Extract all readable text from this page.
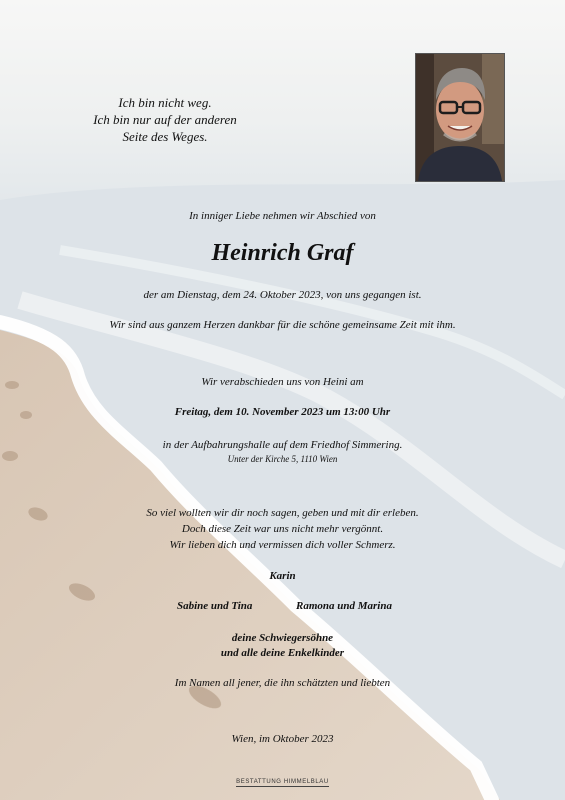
Ich bin nicht weg.
Ich bin nur auf der anderen
Seite des Weges.
In inniger Liebe nehmen wir Abschied von
Heinrich Graf
der am Dienstag, dem 24. Oktober 2023, von uns gegangen ist.
Wir sind aus ganzem Herzen dankbar für die schöne gemeinsame Zeit mit ihm.
Wir verabschieden uns von Heini am
Freitag, dem 10. November 2023 um 13:00 Uhr
in der Aufbahrungshalle auf dem Friedhof Simmering.
Unter der Kirche 5, 1110 Wien
So viel wollten wir dir noch sagen, geben und mit dir erleben.
Doch diese Zeit war uns nicht mehr vergönnt.
Wir lieben dich und vermissen dich voller Schmerz.
Karin
Sabine und Tina	Ramona und Marina
deine Schwiegersöhne
und alle deine Enkelkinder
Im Namen all jener, die ihn schätzten und liebten
Wien, im Oktober 2023
BESTATTUNG HIMMELBLAU
